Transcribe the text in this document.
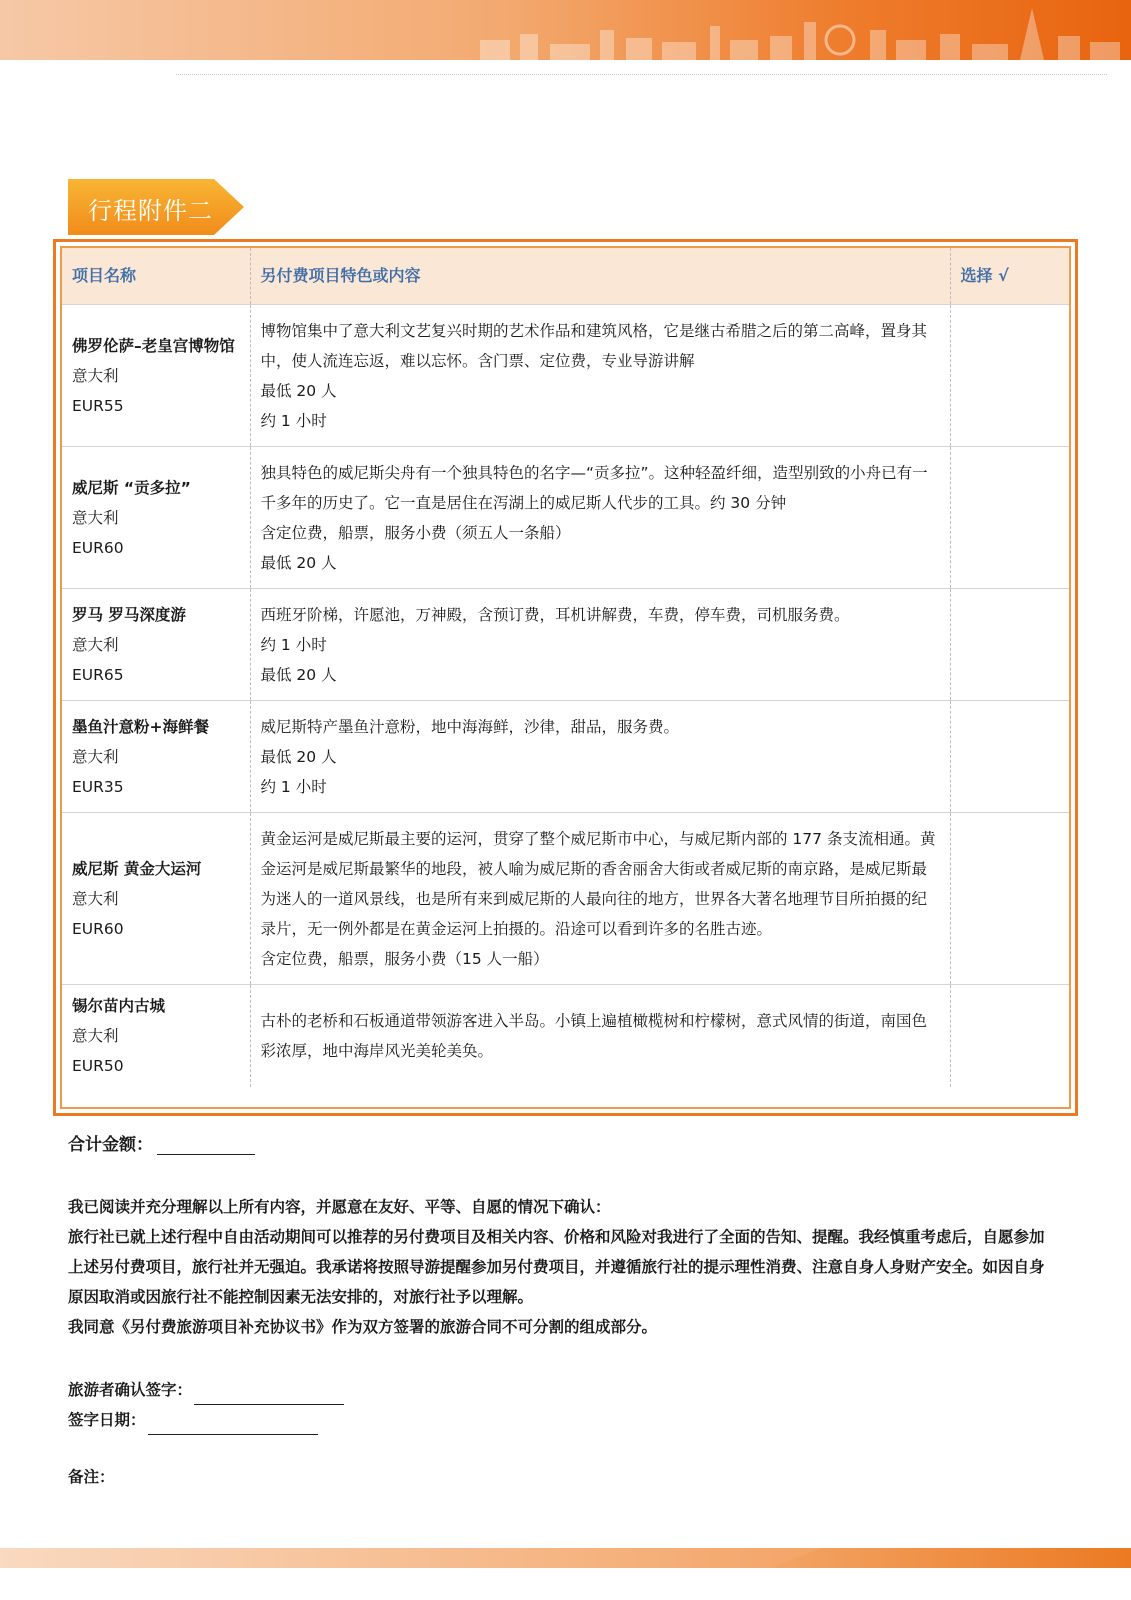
行程附件二
项目名称	另付费项目特色或内容	选择 √

佛罗伦萨–老皇宫博物馆
意大利
EUR55	博物馆集中了意大利文艺复兴时期的艺术作品和建筑风格，它是继古希腊之后的第二高峰，置身其中，使人流连忘返，难以忘怀。含门票、定位费，专业导游讲解
最低 20 人
约 1 小时	

威尼斯 “贡多拉”
意大利
EUR60	独具特色的威尼斯尖舟有一个独具特色的名字—“贡多拉”。这种轻盈纤细，造型别致的小舟已有一千多年的历史了。它一直是居住在泻湖上的威尼斯人代步的工具。约 30 分钟
含定位费，船票，服务小费（须五人一条船）
最低 20 人	

罗马 罗马深度游
意大利
EUR65	西班牙阶梯，许愿池，万神殿，含预订费，耳机讲解费，车费，停车费，司机服务费。
约 1 小时
最低 20 人	

墨鱼汁意粉+海鲜餐
意大利
EUR35	威尼斯特产墨鱼汁意粉，地中海海鲜，沙律，甜品，服务费。
最低 20 人
约 1 小时	

威尼斯 黄金大运河
意大利
EUR60	黄金运河是威尼斯最主要的运河，贯穿了整个威尼斯市中心，与威尼斯内部的 177 条支流相通。黄金运河是威尼斯最繁华的地段，被人喻为威尼斯的香舍丽舍大街或者威尼斯的南京路，是威尼斯最为迷人的一道风景线，也是所有来到威尼斯的人最向往的地方，世界各大著名地理节目所拍摄的纪录片，无一例外都是在黄金运河上拍摄的。沿途可以看到许多的名胜古迹。
含定位费，船票，服务小费（15 人一船）	

锡尔苗内古城
意大利
EUR50	古朴的老桥和石板通道带领游客进入半岛。小镇上遍植橄榄树和柠檬树，意式风情的街道，南国色彩浓厚，地中海岸风光美轮美奂。	

合计金额：

我已阅读并充分理解以上所有内容，并愿意在友好、平等、自愿的情况下确认：

旅行社已就上述行程中自由活动期间可以推荐的另付费项目及相关内容、价格和风险对我进行了全面的告知、提醒。我经慎重考虑后，自愿参加上述另付费项目，旅行社并无强迫。我承诺将按照导游提醒参加另付费项目，并遵循旅行社的提示理性消费、注意自身人身财产安全。如因自身原因取消或因旅行社不能控制因素无法安排的，对旅行社予以理解。

我同意《另付费旅游项目补充协议书》作为双方签署的旅游合同不可分割的组成部分。

旅游者确认签字：
签字日期：
备注：
